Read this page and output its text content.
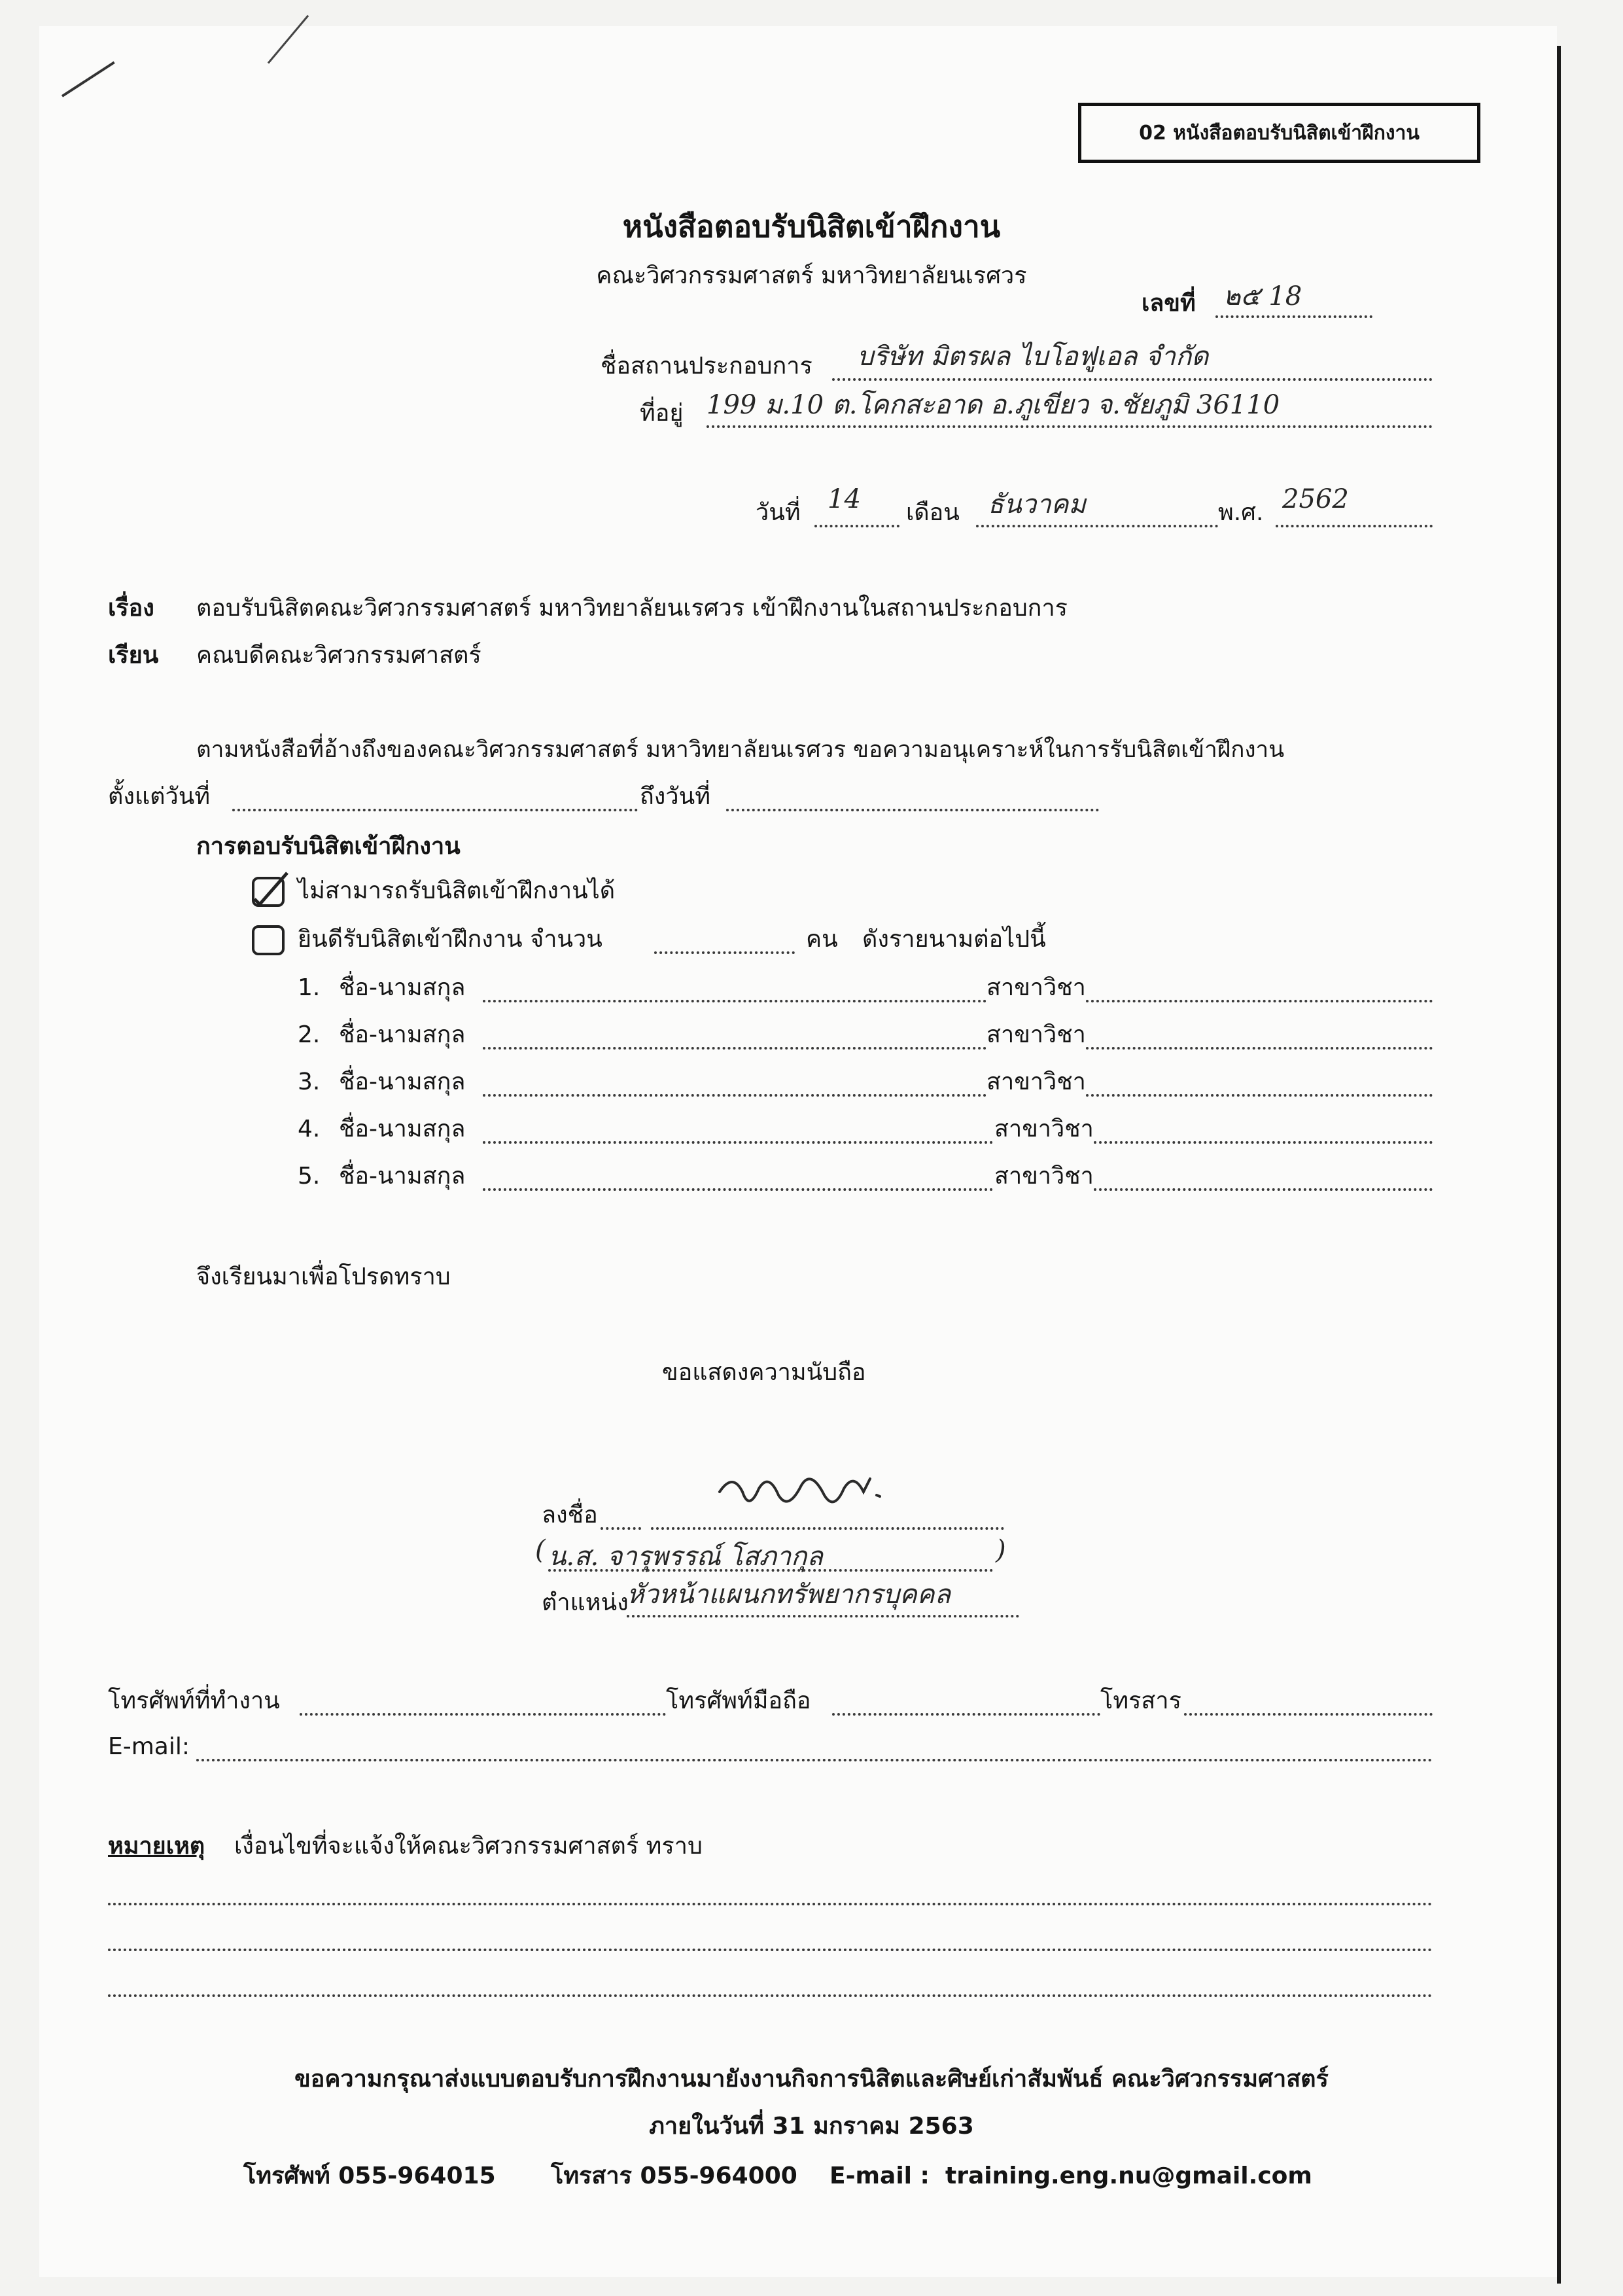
02 หนังสือตอบรับนิสิตเข้าฝึกงาน
หนังสือตอบรับนิสิตเข้าฝึกงาน
คณะวิศวกรรมศาสตร์ มหาวิทยาลัยนเรศวร
เลขที่ ๒๕ 18
ชื่อสถานประกอบการ บริษัท มิตรผล ไบโอฟูเอล จำกัด
ที่อยู่ 199 ม.10 ต.โคกสะอาด อ.ภูเขียว จ.ชัยภูมิ 36110
วันที่ 14 เดือน ธันวาคม	พ.ศ. 2562
เรื่อง ตอบรับนิสิตคณะวิศวกรรมศาสตร์ มหาวิทยาลัยนเรศวร เข้าฝึกงานในสถานประกอบการ
เรียน คณบดีคณะวิศวกรรมศาสตร์
ตามหนังสือที่อ้างถึงของคณะวิศวกรรมศาสตร์ มหาวิทยาลัยนเรศวร ขอความอนุเคราะห์ในการรับนิสิตเข้าฝึกงาน
ตั้งแต่วันที่	ถึงวันที่
การตอบรับนิสิตเข้าฝึกงาน
ไม่สามารถรับนิสิตเข้าฝึกงานได้
ยินดีรับนิสิตเข้าฝึกงาน จำนวน	คน ดังรายนามต่อไปนี้
1. ชื่อ-นามสกุล	สาขาวิชา
2. ชื่อ-นามสกุล	สาขาวิชา
3. ชื่อ-นามสกุล	สาขาวิชา
4. ชื่อ-นามสกุล	สาขาวิชา
5. ชื่อ-นามสกุล	สาขาวิชา
จึงเรียนมาเพื่อโปรดทราบ
ขอแสดงความนับถือ
ลงชื่อ
( น.ส. จารุพรรณ์ โสภากุล	)
ตำแหน่ง
หัวหน้าแผนกทรัพยากรบุคคล
โทรศัพท์ที่ทำงาน	โทรศัพท์มือถือ	โทรสาร
E-mail:
หมายเหตุ เงื่อนไขที่จะแจ้งให้คณะวิศวกรรมศาสตร์ ทราบ
ขอความกรุณาส่งแบบตอบรับการฝึกงานมายังงานกิจการนิสิตและศิษย์เก่าสัมพันธ์ คณะวิศวกรรมศาสตร์
ภายในวันที่ 31 มกราคม 2563
โทรศัพท์ 055-964015 โทรสาร 055-964000 E-mail : training.eng.nu@gmail.com
